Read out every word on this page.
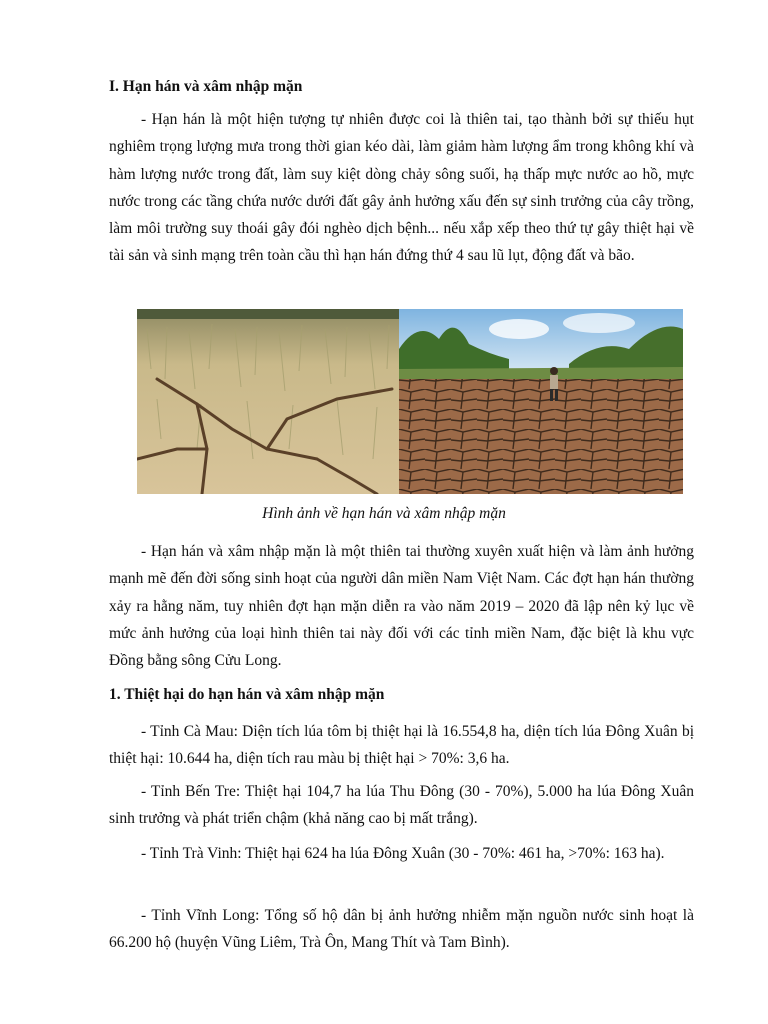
I. Hạn hán và xâm nhập mặn

- Hạn hán là một hiện tượng tự nhiên được coi là thiên tai, tạo thành bởi sự thiếu hụt nghiêm trọng lượng mưa trong thời gian kéo dài, làm giảm hàm lượng ẩm trong không khí và hàm lượng nước trong đất, làm suy kiệt dòng chảy sông suối, hạ thấp mực nước ao hồ, mực nước trong các tầng chứa nước dưới đất gây ảnh hưởng xấu đến sự sinh trưởng của cây trồng, làm môi trường suy thoái gây đói nghèo dịch bệnh... nếu xắp xếp theo thứ tự gây thiệt hại về tài sản và sinh mạng trên toàn cầu thì hạn hán đứng thứ 4 sau lũ lụt, động đất và bão.

Hình ảnh về hạn hán và xâm nhập mặn

- Hạn hán và xâm nhập mặn là một thiên tai thường xuyên xuất hiện và làm ảnh hưởng mạnh mẽ đến đời sống sinh hoạt của người dân miền Nam Việt Nam. Các đợt hạn hán thường xảy ra hằng năm, tuy nhiên đợt hạn mặn diễn ra vào năm 2019 – 2020 đã lập nên kỷ lục về mức ảnh hưởng của loại hình thiên tai này đối với các tỉnh miền Nam, đặc biệt là khu vực Đồng bằng sông Cửu Long.

1. Thiệt hại do hạn hán và xâm nhập mặn

- Tỉnh Cà Mau: Diện tích lúa tôm bị thiệt hại là 16.554,8 ha, diện tích lúa Đông Xuân bị thiệt hại: 10.644 ha, diện tích rau màu bị thiệt hại > 70%: 3,6 ha.

- Tỉnh Bến Tre: Thiệt hại 104,7 ha lúa Thu Đông (30 - 70%), 5.000 ha lúa Đông Xuân sinh trưởng và phát triển chậm (khả năng cao bị mất trắng).

- Tỉnh Trà Vinh: Thiệt hại 624 ha lúa Đông Xuân (30 - 70%: 461 ha, >70%: 163 ha).

- Tỉnh Vĩnh Long: Tổng số hộ dân bị ảnh hưởng nhiễm mặn nguồn nước sinh hoạt là 66.200 hộ (huyện Vũng Liêm, Trà Ôn, Mang Thít và Tam Bình).
